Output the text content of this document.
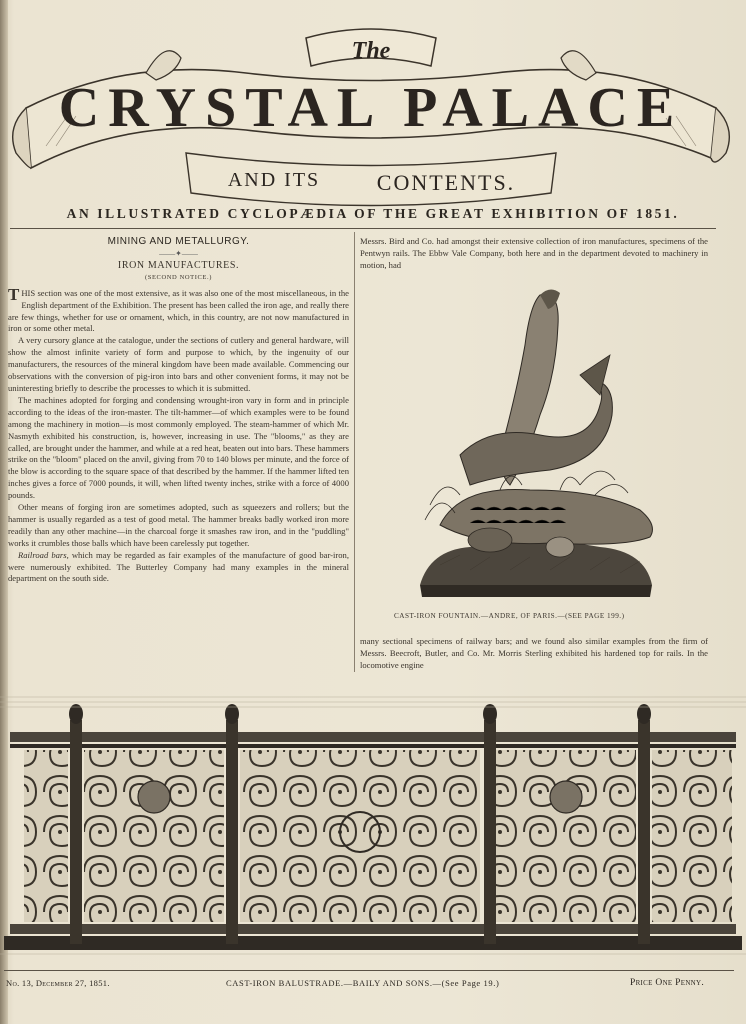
The
CRYSTAL PALACE
AND ITS	CONTENTS.
AN ILLUSTRATED CYCLOPÆDIA OF THE GREAT EXHIBITION OF 1851.
MINING AND METALLURGY.
——✦——
IRON MANUFACTURES.
(SECOND NOTICE.)

THIS section was one of the most extensive, as it was also one of the most miscellaneous, in the English department of the Exhibition. The present has been called the iron age, and really there are few things, whether for use or ornament, which, in this country, are not now manufactured in iron or some other metal.

A very cursory glance at the catalogue, under the sections of cutlery and general hardware, will show the almost infinite variety of form and purpose to which, by the ingenuity of our manufacturers, the resources of the mineral kingdom have been made available. Commencing our observations with the conversion of pig-iron into bars and other convenient forms, it may not be uninteresting briefly to describe the processes to which it is submitted.

The machines adopted for forging and condensing wrought-iron vary in form and in principle according to the ideas of the iron-master. The tilt-hammer—of which examples were to be found among the machinery in motion—is most commonly employed. The steam-hammer of which Mr. Nasmyth exhibited his construction, is, however, increasing in use. The "blooms," as they are called, are brought under the hammer, and while at a red heat, beaten out into bars. These hammers strike on the "bloom" placed on the anvil, giving from 70 to 140 blows per minute, and the force of the blow is according to the square space of that described by the hammer. If the hammer lifted ten inches gives a force of 7000 pounds, it will, when lifted twenty inches, strike with a force of 4000 pounds.

Other means of forging iron are sometimes adopted, such as squeezers and rollers; but the hammer is usually regarded as a test of good metal. The hammer breaks badly worked iron more readily than any other machine—in the charcoal forge it smashes raw iron, and in the "puddling" works it crumbles those balls which have been carelessly put together.

Railroad bars, which may be regarded as fair examples of the manufacture of good bar-iron, were numerously exhibited. The Butterley Company had many examples in the mineral department on the south side.

Messrs. Bird and Co. had amongst their extensive collection of iron manufactures, specimens of the Pentwyn rails. The Ebbw Vale Company, both here and in the department devoted to machinery in motion, had

CAST-IRON FOUNTAIN.—ANDRE, OF PARIS.—(SEE PAGE 199.)

many sectional specimens of railway bars; and we found also similar examples from the firm of Messrs. Beecroft, Butler, and Co. Mr. Morris Sterling exhibited his hardened top for rails. In the locomotive engine

No. 13, December 27, 1851.	CAST-IRON BALUSTRADE.—BAILY AND SONS.—(See Page 19.)	Price One Penny.
